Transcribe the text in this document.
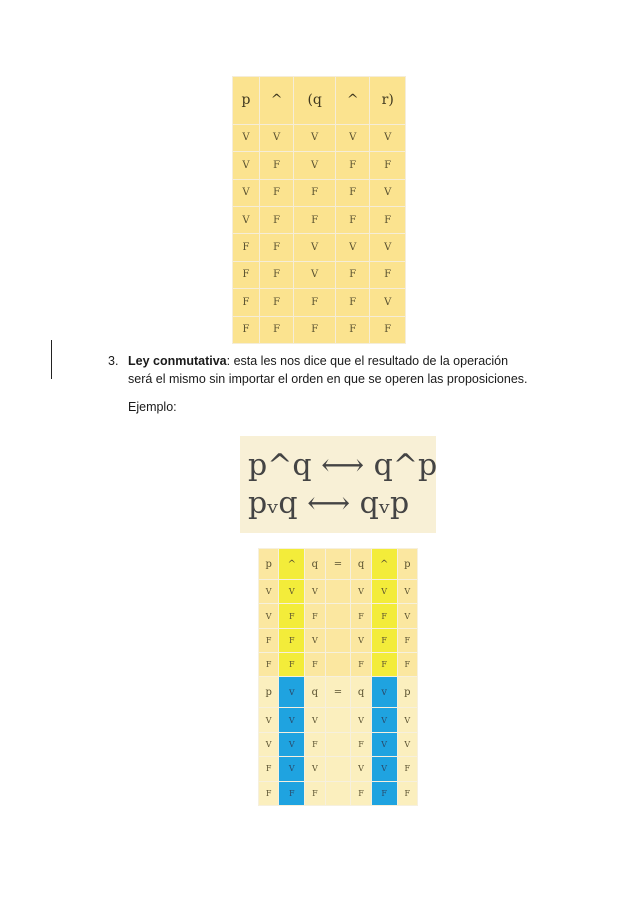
p	^	(q	^	r)
V	V	V	V	V
V	F	V	F	F
V	F	F	F	V
V	F	F	F	F
F	F	V	V	V
F	F	V	F	F
F	F	F	F	V
F	F	F	F	F
3. Ley conmutativa: esta les nos dice que el resultado de la operación
será el mismo sin importar el orden en que se operen las proposiciones.
Ejemplo:
p^q ⟷ q^p
pᵥq ⟷ qᵥp
p	^	q	=	q	^	p
V	V	V		V	V	V
V	F	F		F	F	V
F	F	V		V	F	F
F	F	F		F	F	F
p	v	q	=	q	v	p
V	V	V		V	V	V
V	V	F		F	V	V
F	V	V		V	V	F
F	F	F		F	F	F
